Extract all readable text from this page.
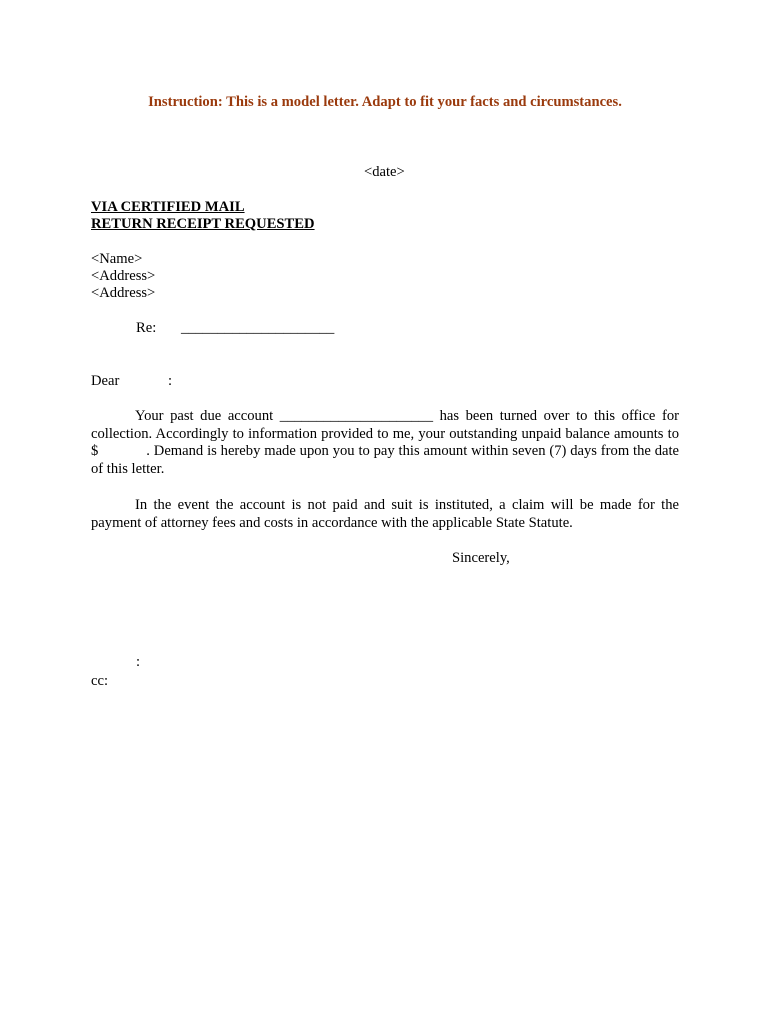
Instruction: This is a model letter. Adapt to fit your facts and circumstances.
<date>
VIA CERTIFIED MAIL
RETURN RECEIPT REQUESTED
<Name>
<Address>
<Address>
Re: _____________________
Dear	:
Your past due account _____________________ has been turned over to this office for collection. Accordingly to information provided to me, your outstanding unpaid balance amounts to $	. Demand is hereby made upon you to pay this amount within seven (7) days from the date of this letter.
In the event the account is not paid and suit is instituted, a claim will be made for the payment of attorney fees and costs in accordance with the applicable State Statute.
Sincerely,
:
cc:
